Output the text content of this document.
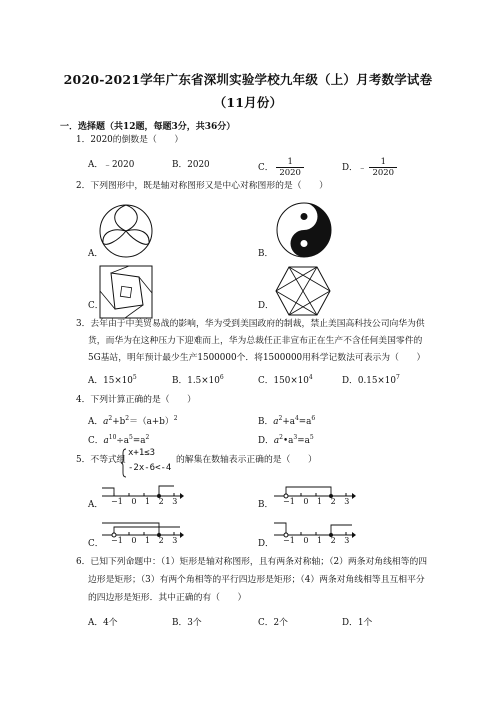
2020-2021学年广东省深圳实验学校九年级（上）月考数学试卷
（11月份）
一．选择题（共12题，每题3分，共36分）
1．2020的倒数是（　　）
A．﹣2020	B．2020	C． $\frac{1}{2020}$	D．﹣ $\frac{1}{2020}$
2．下列图形中，既是轴对称图形又是中心对称图形的是（　　）
A．	B．
C．	D．
3．去年由于中美贸易战的影响，华为受到美国政府的制裁，禁止美国高科技公司向华为供
货，而华为在这种压力下迎难而上，华为总裁任正非宣布正在生产不含任何美国零件的
5G基站，明年预计最少生产1500000个．将1500000用科学记数法可表示为（　　）
A．$15\times 10^5$	B．$1.5\times 10^6$	C．$150\times 10^4$	D．$0.15\times 10^7$
4．下列计算正确的是（　　）
A．$a^2+b^2=(a+b)^2$	B．$a^2+a^4=a^6$
C．$a^{10}\div a^5=a^2$	D．$a^2•a^3=a^5$
5．不等式组
x+1≤3
-2x-6<-4
的解集在数轴表示正确的是（　　）
A． −1 0 1 2 3	B． −1 0 1 2 3
C． −1 0 1 2 3	D． −1 0 1 2 3
6．已知下列命题中：（1）矩形是轴对称图形，且有两条对称轴；（2）两条对角线相等的四
边形是矩形；（3）有两个角相等的平行四边形是矩形；（4）两条对角线相等且互相平分
的四边形是矩形．其中正确的有（　　）
A．4个	B．3个	C．2个	D．1个
